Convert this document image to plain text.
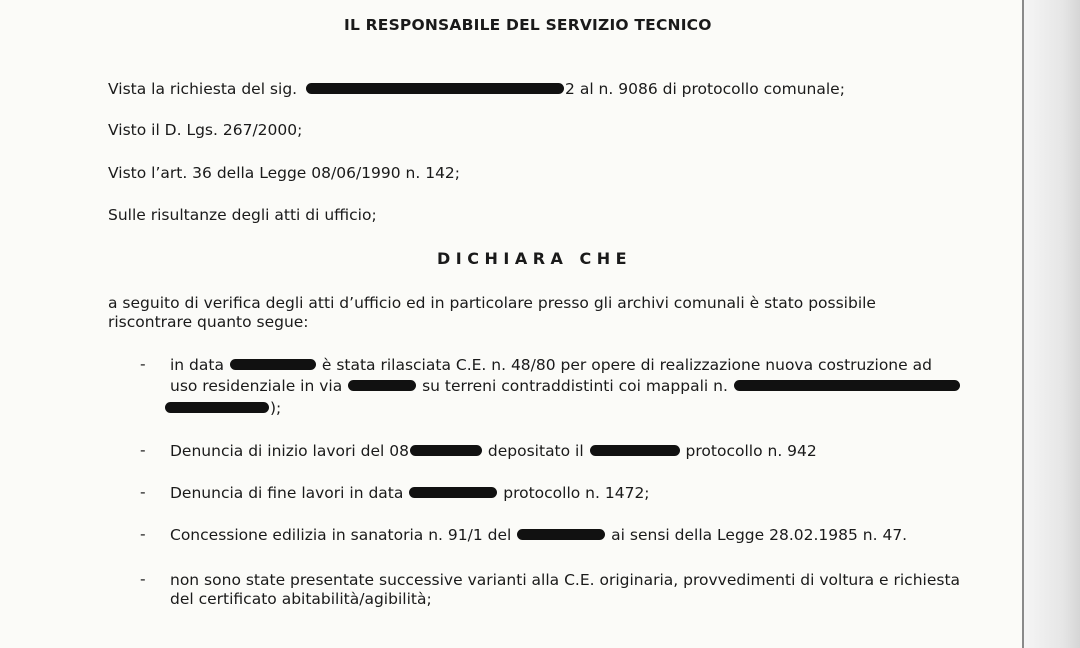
IL RESPONSABILE DEL SERVIZIO TECNICO
Vista la richiesta del sig.	2 al n. 9086 di protocollo comunale;
Visto il D. Lgs. 267/2000;
Visto l’art. 36 della Legge 08/06/1990 n. 142;
Sulle risultanze degli atti di ufficio;
DICHIARA CHE
a seguito di verifica degli atti d’ufficio ed in particolare presso gli archivi comunali è stato possibile
riscontrare quanto segue:
- in data	è stata rilasciata C.E. n. 48/80 per opere di realizzazione nuova costruzione ad
uso residenziale in via	su terreni contraddistinti coi mappali n.
);
- Denuncia di inizio lavori del 08	depositato il	protocollo n. 942
- Denuncia di fine lavori in data	protocollo n. 1472;
- Concessione edilizia in sanatoria n. 91/1 del	ai sensi della Legge 28.02.1985 n. 47.
- non sono state presentate successive varianti alla C.E. originaria, provvedimenti di voltura e richiesta
del certificato abitabilità/agibilità;
